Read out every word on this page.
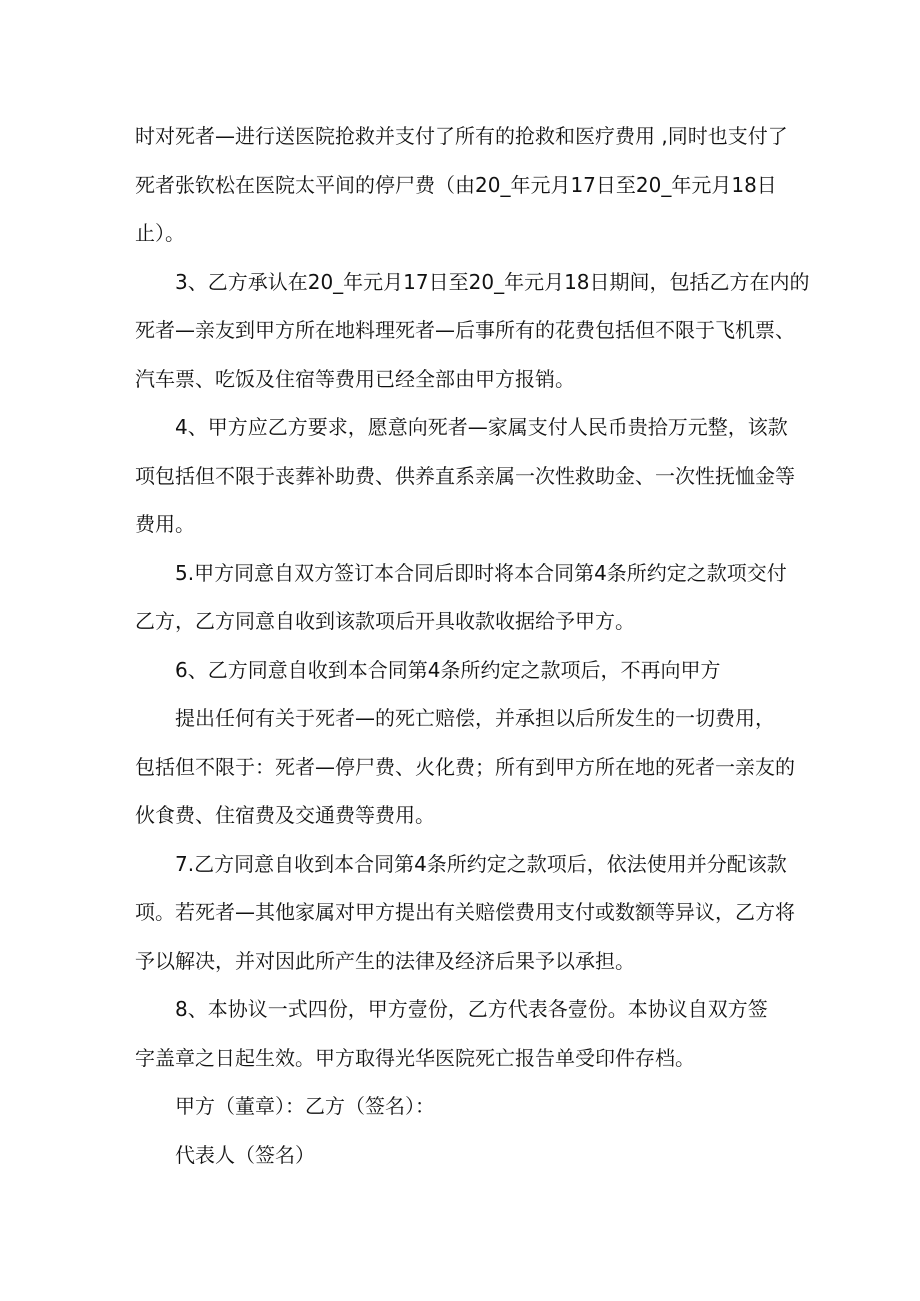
时对死者—进行送医院抢救并支付了所有的抢救和医疗费用 ,同时也支付了
死者张钦松在医院太平间的停尸费（由20_年元月17日至20_年元月18日
止）。

3、乙方承认在20_年元月17日至20_年元月18日期间，包括乙方在内的
死者—亲友到甲方所在地料理死者—后事所有的花费包括但不限于飞机票、
汽车票、吃饭及住宿等费用已经全部由甲方报销。

4、甲方应乙方要求，愿意向死者—家属支付人民币贵拾万元整，该款
项包括但不限于丧葬补助费、供养直系亲属一次性救助金、一次性抚恤金等
费用。

5.甲方同意自双方签订本合同后即时将本合同第4条所约定之款项交付
乙方，乙方同意自收到该款项后开具收款收据给予甲方。

6、乙方同意自收到本合同第4条所约定之款项后，不再向甲方

提出任何有关于死者—的死亡赔偿，并承担以后所发生的一切费用，
包括但不限于：死者—停尸费、火化费；所有到甲方所在地的死者一亲友的
伙食费、住宿费及交通费等费用。

7.乙方同意自收到本合同第4条所约定之款项后，依法使用并分配该款
项。若死者—其他家属对甲方提出有关赔偿费用支付或数额等异议，乙方将
予以解决，并对因此所产生的法律及经济后果予以承担。

8、本协议一式四份，甲方壹份，乙方代表各壹份。本协议自双方签
字盖章之日起生效。甲方取得光华医院死亡报告单受印件存档。

甲方（董章）：乙方（签名）：

代表人（签名）
